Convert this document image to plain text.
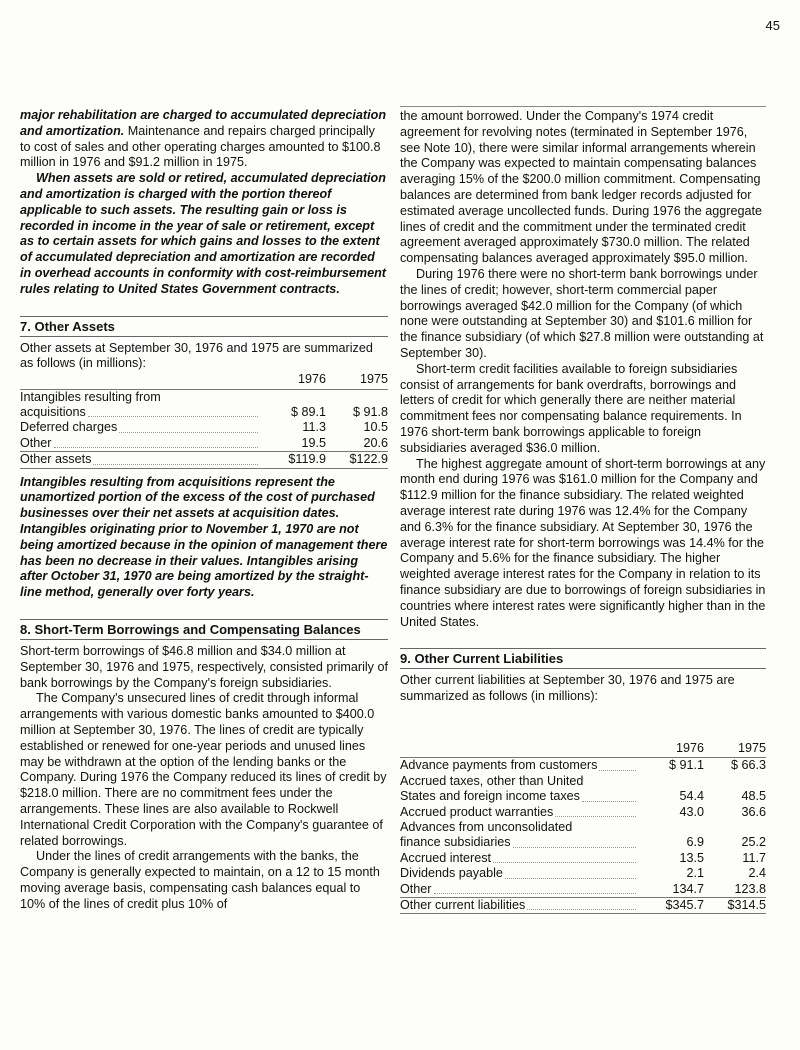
45

major rehabilitation are charged to accumulated depreciation and amortization. Maintenance and repairs charged principally to cost of sales and other operating charges amounted to $100.8 million in 1976 and $91.2 million in 1975.

When assets are sold or retired, accumulated depreciation and amortization is charged with the portion thereof applicable to such assets. The resulting gain or loss is recorded in income in the year of sale or retirement, except as to certain assets for which gains and losses to the extent of accumulated depreciation and amortization are recorded in overhead accounts in conformity with cost-reimbursement rules relating to United States Government contracts.

7. Other Assets

Other assets at September 30, 1976 and 1975 are summarized as follows (in millions):

	1976	1975

Intangibles resulting from
acquisitions	$ 89.1	$ 91.8

Deferred charges	11.3	10.5

Other	19.5	20.6

Other assets	$119.9	$122.9

Intangibles resulting from acquisitions represent the unamortized portion of the excess of the cost of purchased businesses over their net assets at acquisition dates. Intangibles originating prior to November 1, 1970 are not being amortized because in the opinion of management there has been no decrease in their values. Intangibles arising after October 31, 1970 are being amortized by the straight-line method, generally over forty years.

8. Short-Term Borrowings and Compensating Balances

Short-term borrowings of $46.8 million and $34.0 million at September 30, 1976 and 1975, respectively, consisted primarily of bank borrowings by the Company's foreign subsidiaries.

The Company's unsecured lines of credit through informal arrangements with various domestic banks amounted to $400.0 million at September 30, 1976. The lines of credit are typically established or renewed for one-year periods and unused lines may be withdrawn at the option of the lending banks or the Company. During 1976 the Company reduced its lines of credit by $218.0 million. There are no commitment fees under the arrangements. These lines are also available to Rockwell International Credit Corporation with the Company's guarantee of related borrowings.

Under the lines of credit arrangements with the banks, the Company is generally expected to maintain, on a 12 to 15 month moving average basis, compensating cash balances equal to 10% of the lines of credit plus 10% of

the amount borrowed. Under the Company's 1974 credit agreement for revolving notes (terminated in September 1976, see Note 10), there were similar informal arrangements wherein the Company was expected to maintain compensating balances averaging 15% of the $200.0 million commitment. Compensating balances are determined from bank ledger records adjusted for estimated average uncollected funds. During 1976 the aggregate lines of credit and the commitment under the terminated credit agreement averaged approximately $730.0 million. The related compensating balances averaged approximately $95.0 million.

During 1976 there were no short-term bank borrowings under the lines of credit; however, short-term commercial paper borrowings averaged $42.0 million for the Company (of which none were outstanding at September 30) and $101.6 million for the finance subsidiary (of which $27.8 million were outstanding at September 30).

Short-term credit facilities available to foreign subsidiaries consist of arrangements for bank overdrafts, borrowings and letters of credit for which generally there are neither material commitment fees nor compensating balance requirements. In 1976 short-term bank borrowings applicable to foreign subsidiaries averaged $36.0 million.

The highest aggregate amount of short-term borrowings at any month end during 1976 was $161.0 million for the Company and $112.9 million for the finance subsidiary. The related weighted average interest rate during 1976 was 12.4% for the Company and 6.3% for the finance subsidiary. At September 30, 1976 the average interest rate for short-term borrowings was 14.4% for the Company and 5.6% for the finance subsidiary. The higher weighted average interest rates for the Company in relation to its finance subsidiary are due to borrowings of foreign subsidiaries in countries where interest rates were significantly higher than in the United States.

9. Other Current Liabilities

Other current liabilities at September 30, 1976 and 1975 are summarized as follows (in millions):

	1976	1975

Advance payments from customers	$ 91.1	$ 66.3

Accrued taxes, other than United
States and foreign income taxes	54.4	48.5

Accrued product warranties	43.0	36.6

Advances from unconsolidated
finance subsidiaries	6.9	25.2

Accrued interest	13.5	11.7

Dividends payable	2.1	2.4

Other	134.7	123.8

Other current liabilities	$345.7	$314.5
